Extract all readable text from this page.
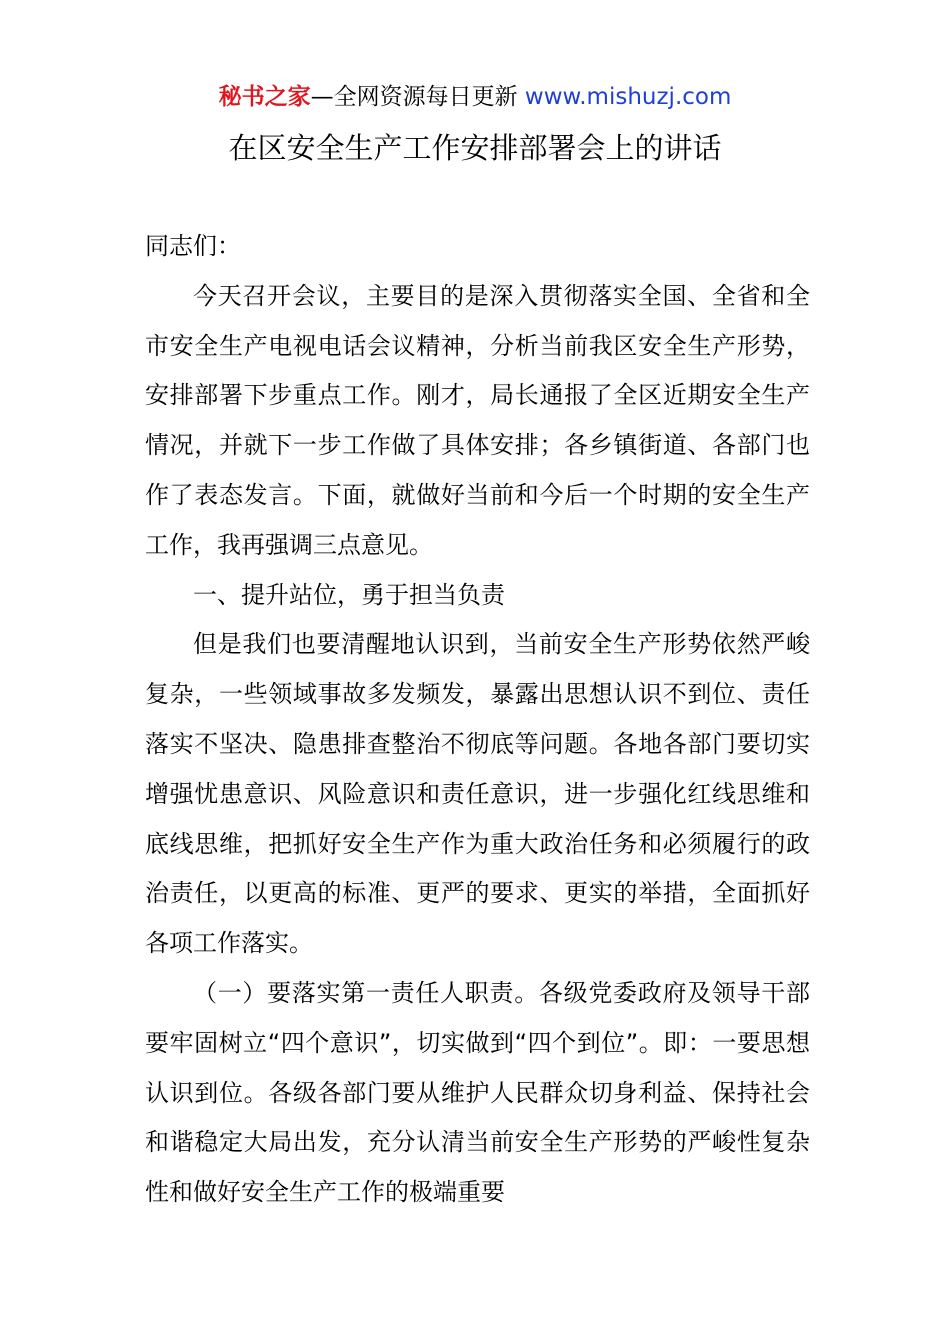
秘书之家—全网资源每日更新 www.mishuzj.com
在区安全生产工作安排部署会上的讲话

同志们：

今天召开会议，主要目的是深入贯彻落实全国、全省和全市安全生产电视电话会议精神，分析当前我区安全生产形势，安排部署下步重点工作。刚才，局长通报了全区近期安全生产情况，并就下一步工作做了具体安排；各乡镇街道、各部门也作了表态发言。下面，就做好当前和今后一个时期的安全生产工作，我再强调三点意见。

一、提升站位，勇于担当负责

但是我们也要清醒地认识到，当前安全生产形势依然严峻复杂，一些领域事故多发频发，暴露出思想认识不到位、责任落实不坚决、隐患排查整治不彻底等问题。各地各部门要切实增强忧患意识、风险意识和责任意识，进一步强化红线思维和底线思维，把抓好安全生产作为重大政治任务和必须履行的政治责任，以更高的标准、更严的要求、更实的举措，全面抓好各项工作落实。

（一）要落实第一责任人职责。各级党委政府及领导干部要牢固树立“四个意识”，切实做到“四个到位”。即：一要思想认识到位。各级各部门要从维护人民群众切身利益、保持社会和谐稳定大局出发，充分认清当前安全生产形势的严峻性复杂性和做好安全生产工作的极端重要
